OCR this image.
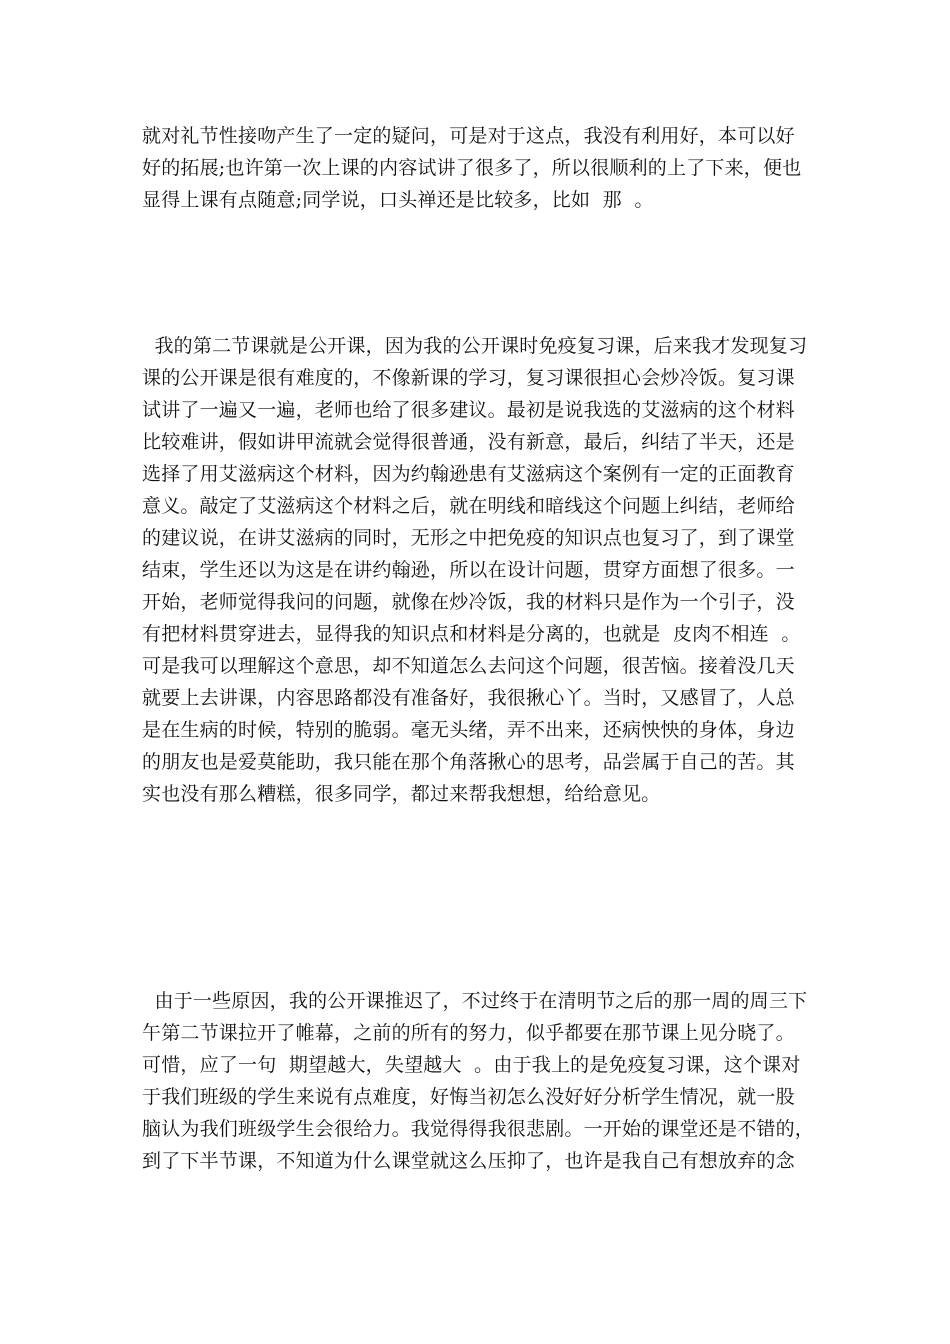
就对礼节性接吻产生了一定的疑问，可是对于这点，我没有利用好，本可以好
好的拓展;也许第一次上课的内容试讲了很多了，所以很顺利的上了下来，便也
显得上课有点随意;同学说，口头禅还是比较多，比如  那  。
我的第二节课就是公开课，因为我的公开课时免疫复习课，后来我才发现复习
课的公开课是很有难度的，不像新课的学习，复习课很担心会炒冷饭。复习课
试讲了一遍又一遍，老师也给了很多建议。最初是说我选的艾滋病的这个材料
比较难讲，假如讲甲流就会觉得很普通，没有新意，最后，纠结了半天，还是
选择了用艾滋病这个材料，因为约翰逊患有艾滋病这个案例有一定的正面教育
意义。敲定了艾滋病这个材料之后，就在明线和暗线这个问题上纠结，老师给
的建议说，在讲艾滋病的同时，无形之中把免疫的知识点也复习了，到了课堂
结束，学生还以为这是在讲约翰逊，所以在设计问题，贯穿方面想了很多。一
开始，老师觉得我问的问题，就像在炒冷饭，我的材料只是作为一个引子，没
有把材料贯穿进去，显得我的知识点和材料是分离的，也就是  皮肉不相连  。
可是我可以理解这个意思，却不知道怎么去问这个问题，很苦恼。接着没几天
就要上去讲课，内容思路都没有准备好，我很揪心丫。当时，又感冒了，人总
是在生病的时候，特别的脆弱。毫无头绪，弄不出来，还病怏怏的身体，身边
的朋友也是爱莫能助，我只能在那个角落揪心的思考，品尝属于自己的苦。其
实也没有那么糟糕，很多同学，都过来帮我想想，给给意见。
由于一些原因，我的公开课推迟了，不过终于在清明节之后的那一周的周三下
午第二节课拉开了帷幕，之前的所有的努力，似乎都要在那节课上见分晓了。
可惜，应了一句  期望越大，失望越大  。由于我上的是免疫复习课，这个课对
于我们班级的学生来说有点难度，好悔当初怎么没好好分析学生情况，就一股
脑认为我们班级学生会很给力。我觉得得我很悲剧。一开始的课堂还是不错的，
到了下半节课，不知道为什么课堂就这么压抑了，也许是我自己有想放弃的念
